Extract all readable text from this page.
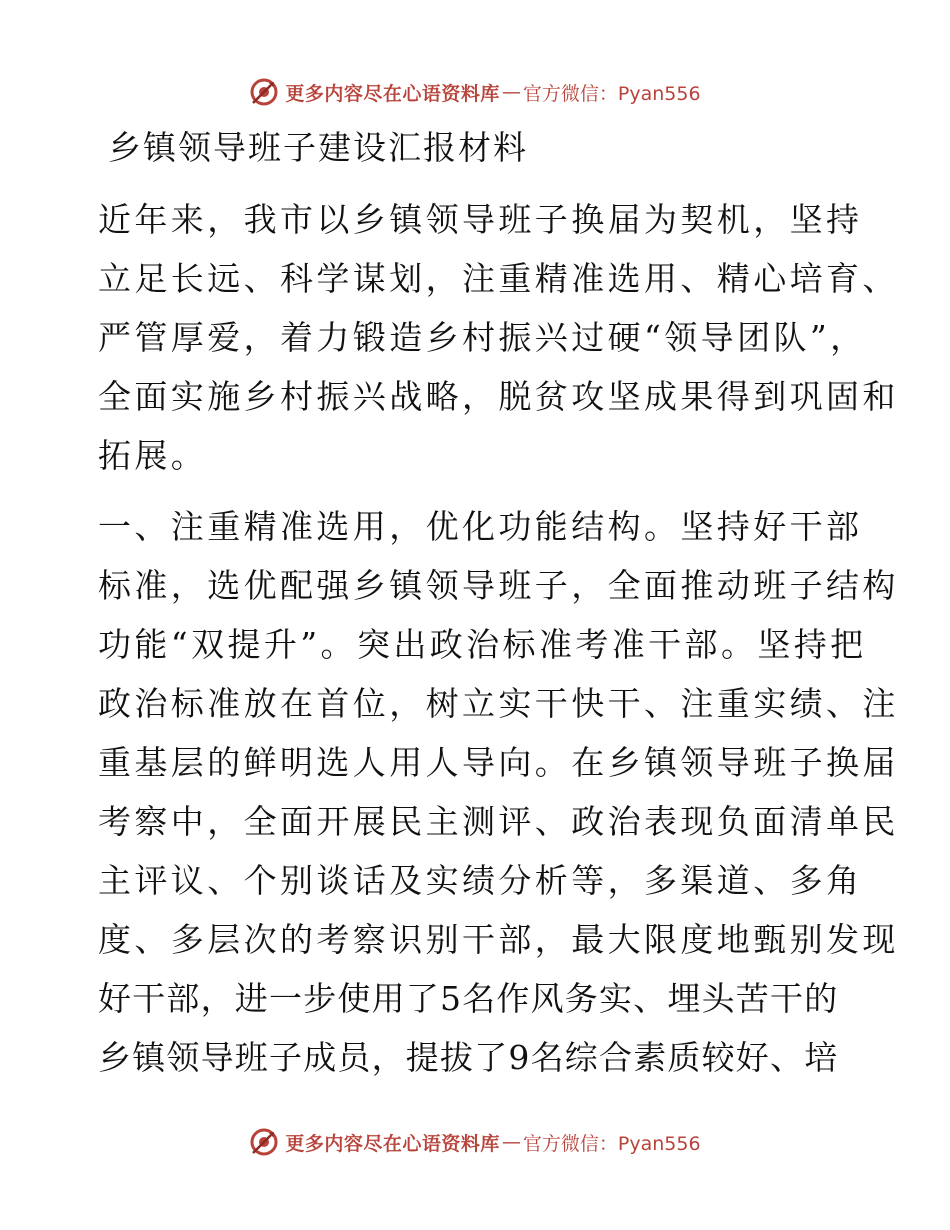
更多内容尽在心语资料库 — 官方微信：Pyan556
乡镇领导班子建设汇报材料
近年来，我市以乡镇领导班子换届为契机，坚持
立足长远、科学谋划，注重精准选用、精心培育、
严管厚爱，着力锻造乡村振兴过硬“领导团队”，
全面实施乡村振兴战略，脱贫攻坚成果得到巩固和
拓展。
一、注重精准选用，优化功能结构。坚持好干部
标准，选优配强乡镇领导班子，全面推动班子结构
功能“双提升”。突出政治标准考准干部。坚持把
政治标准放在首位，树立实干快干、注重实绩、注
重基层的鲜明选人用人导向。在乡镇领导班子换届
考察中，全面开展民主测评、政治表现负面清单民
主评议、个别谈话及实绩分析等，多渠道、多角
度、多层次的考察识别干部，最大限度地甄别发现
好干部，进一步使用了5名作风务实、埋头苦干的
乡镇领导班子成员，提拔了9名综合素质较好、培
更多内容尽在心语资料库 — 官方微信：Pyan556
